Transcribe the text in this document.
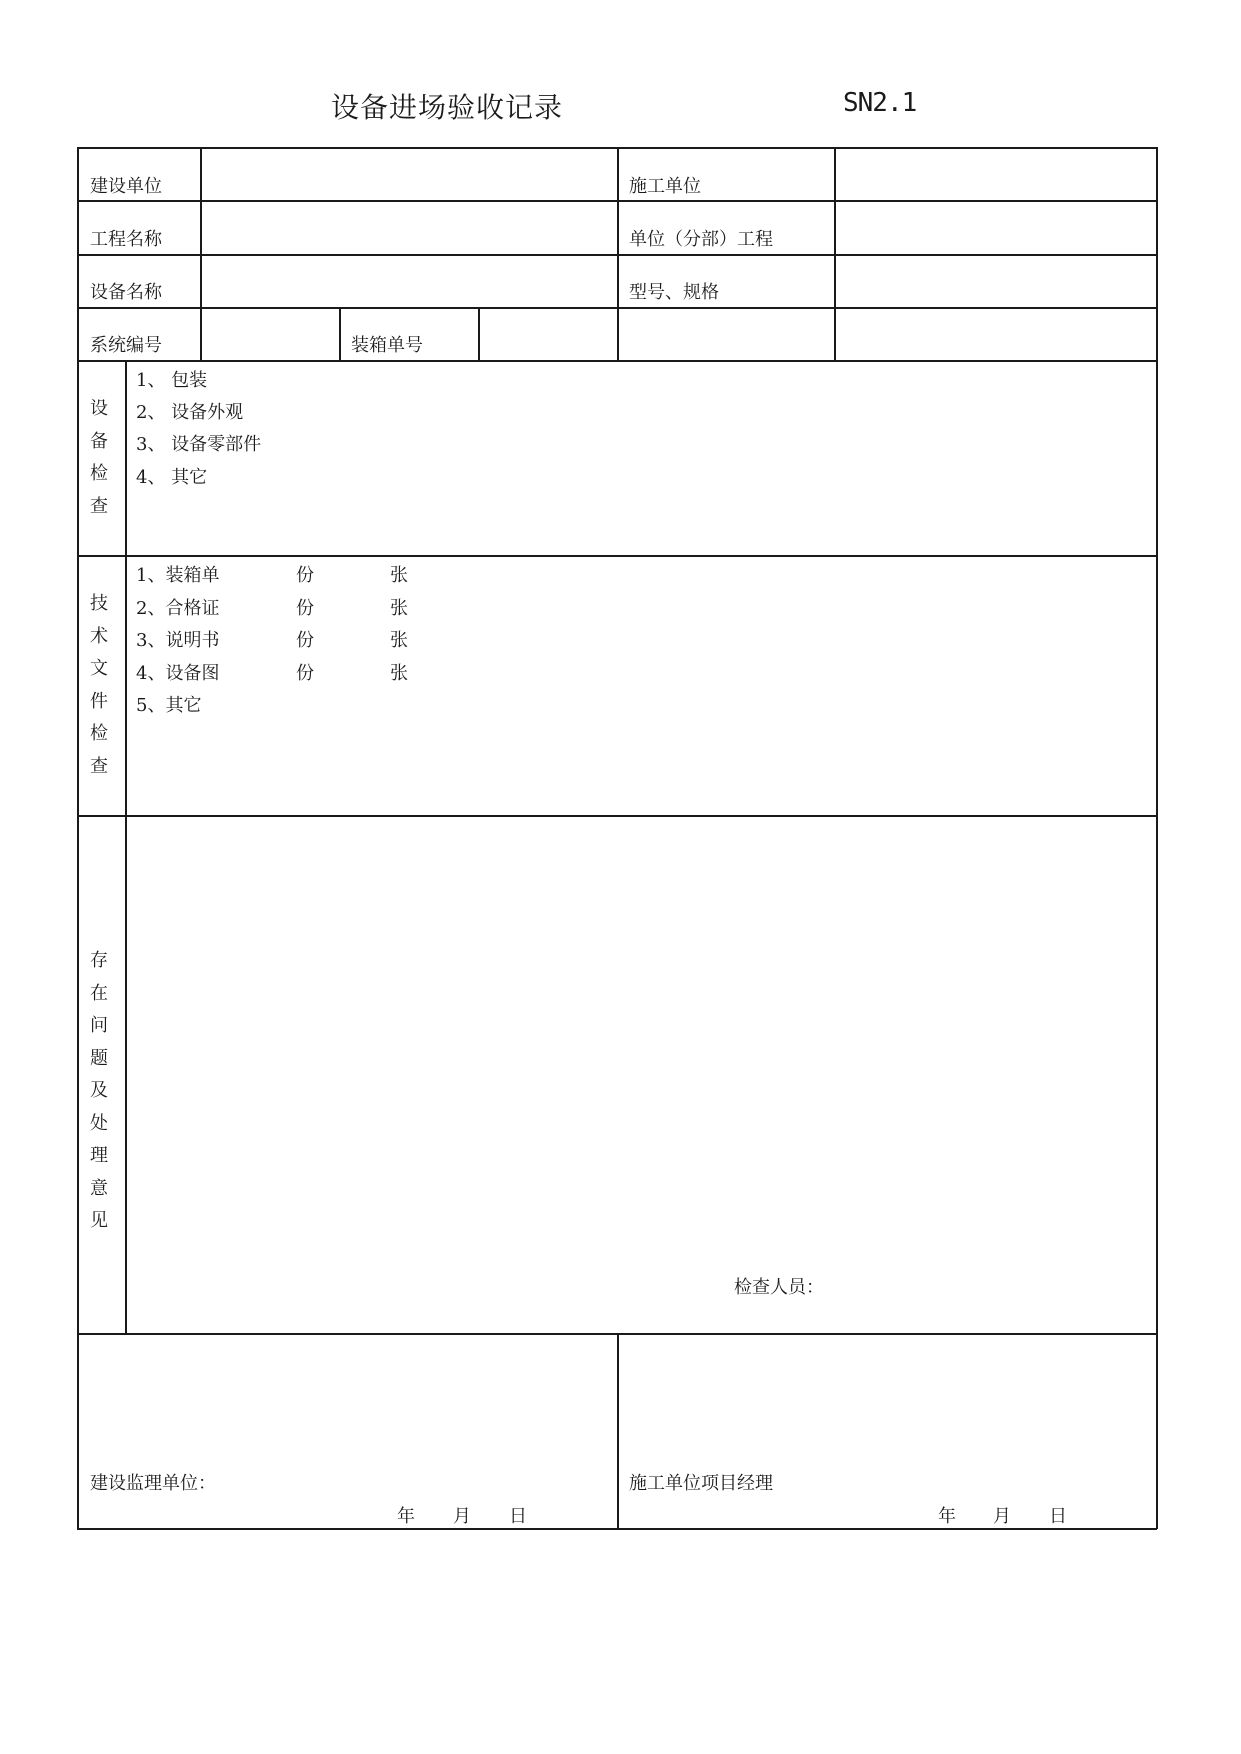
设备进场验收记录	SN2.1
建设单位	施工单位
工程名称	单位（分部）工程
设备名称	型号、规格
系统编号	装箱单号
设
备
检
查
1、 包装
2、 设备外观
3、 设备零部件
4、 其它
技
术
文
件
检
查
1、装箱单	份	张
2、合格证	份	张
3、说明书	份	张
4、设备图	份	张
5、其它
存
在
问
题
及
处
理
意
见
检查人员：
建设监理单位：
年 月 日
施工单位项目经理
年 月 日
